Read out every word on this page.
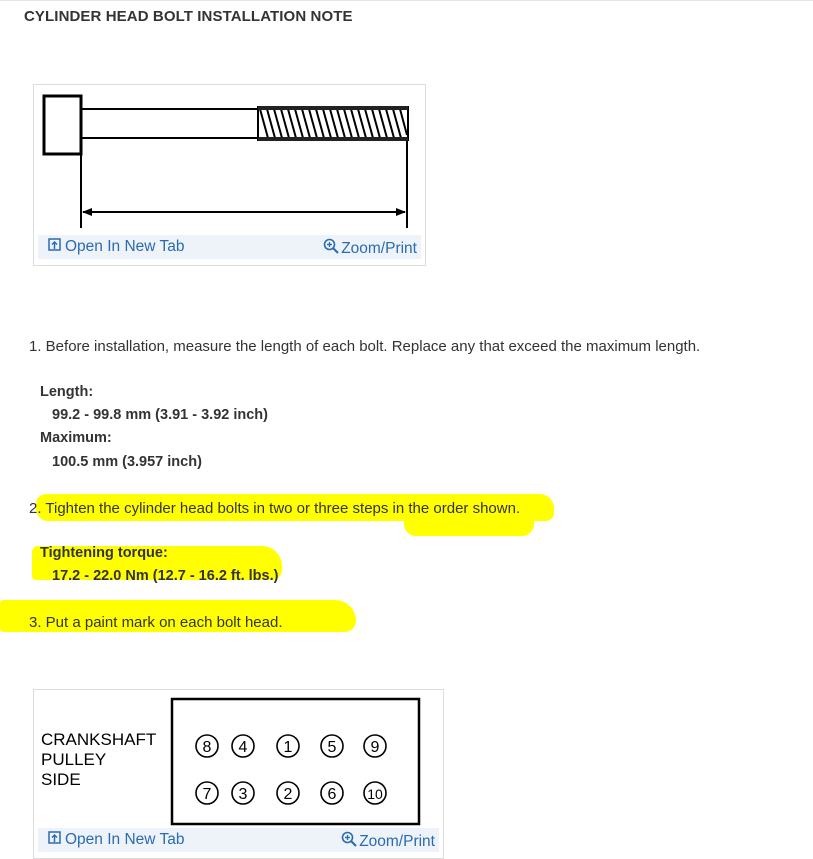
CYLINDER HEAD BOLT INSTALLATION NOTE
Open In New Tab	Zoom/Print
1. Before installation, measure the length of each bolt. Replace any that exceed the maximum length.
Length:
99.2 - 99.8 mm (3.91 - 3.92 inch)
Maximum:
100.5 mm (3.957 inch)
2. Tighten the cylinder head bolts in two or three steps in the order shown.
Tightening torque:
17.2 - 22.0 Nm (12.7 - 16.2 ft. lbs.)
3. Put a paint mark on each bolt head.
CRANKSHAFT
PULLEY
SIDE
8 4 1 5 9
7 3 2 6 10
Open In New Tab	Zoom/Print
